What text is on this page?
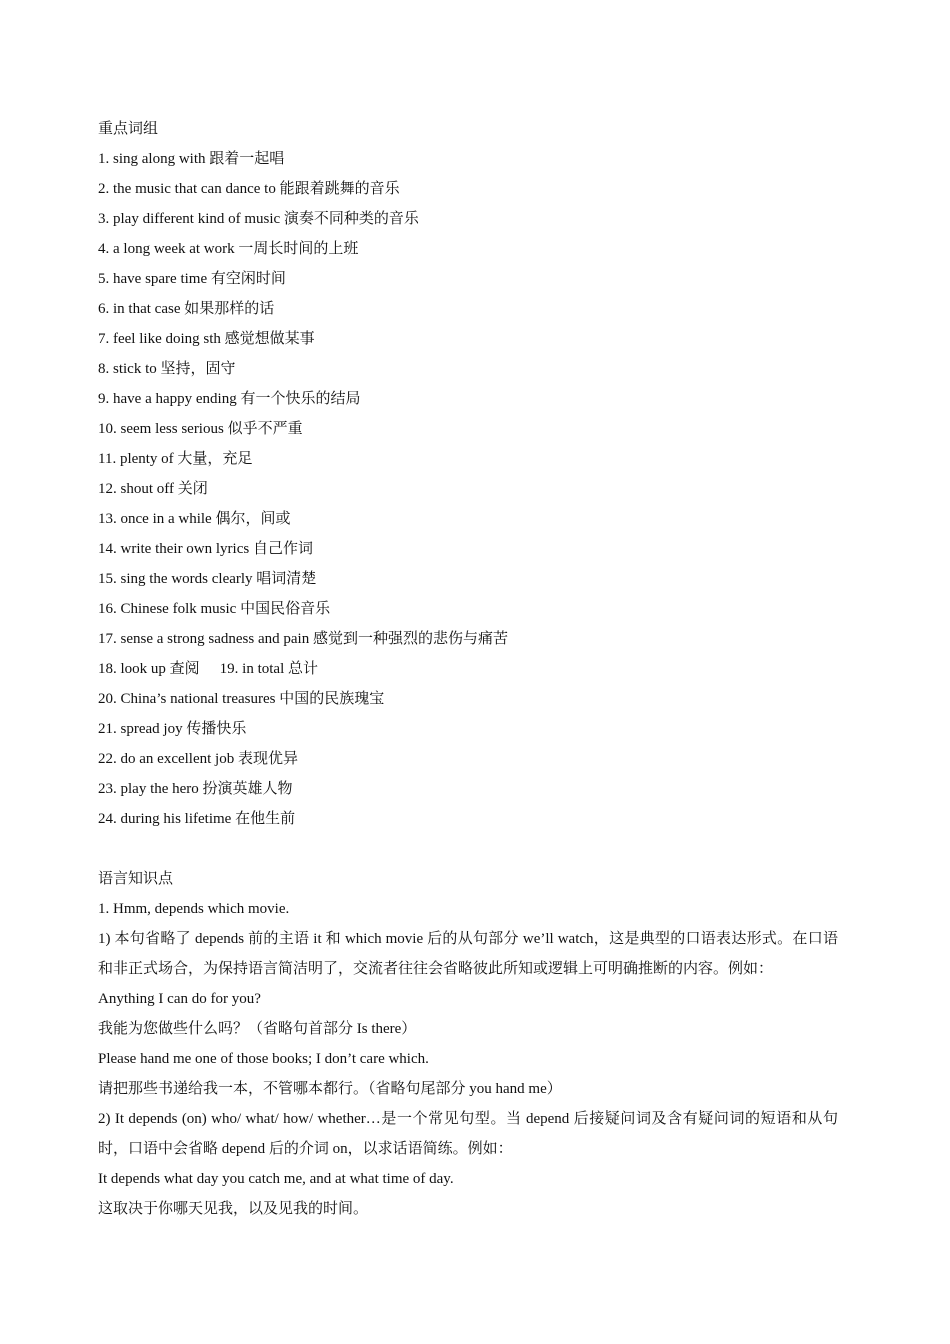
重点词组
1. sing along with 跟着一起唱
2. the music that can dance to 能跟着跳舞的音乐
3. play different kind of music 演奏不同种类的音乐
4. a long week at work 一周长时间的上班
5. have spare time 有空闲时间
6. in that case 如果那样的话
7. feel like doing sth 感觉想做某事
8. stick to 坚持，固守
9. have a happy ending 有一个快乐的结局
10. seem less serious 似乎不严重
11. plenty of 大量，充足
12. shout off 关闭
13. once in a while 偶尔，间或
14. write their own lyrics 自己作词
15. sing the words clearly 唱词清楚
16. Chinese folk music 中国民俗音乐
17. sense a strong sadness and pain 感觉到一种强烈的悲伤与痛苦
18. look up 查阅 19. in total 总计
20. China’s national treasures 中国的民族瑰宝
21. spread joy 传播快乐
22. do an excellent job 表现优异
23. play the hero 扮演英雄人物
24. during his lifetime 在他生前
语言知识点
1. Hmm, depends which movie.
1) 本句省略了 depends 前的主语 it 和 which movie 后的从句部分 we’ll watch，这是典型的口语表达形式。在口语和非正式场合，为保持语言简洁明了，交流者往往会省略彼此所知或逻辑上可明确推断的内容。例如：
Anything I can do for you?
我能为您做些什么吗？（省略句首部分 Is there）
Please hand me one of those books; I don’t care which.
请把那些书递给我一本，不管哪本都行。（省略句尾部分 you hand me）
2) It depends (on) who/ what/ how/ whether…是一个常见句型。当 depend 后接疑问词及含有疑问词的短语和从句时，口语中会省略 depend 后的介词 on，以求话语简练。例如：
It depends what day you catch me, and at what time of day.
这取决于你哪天见我，以及见我的时间。
